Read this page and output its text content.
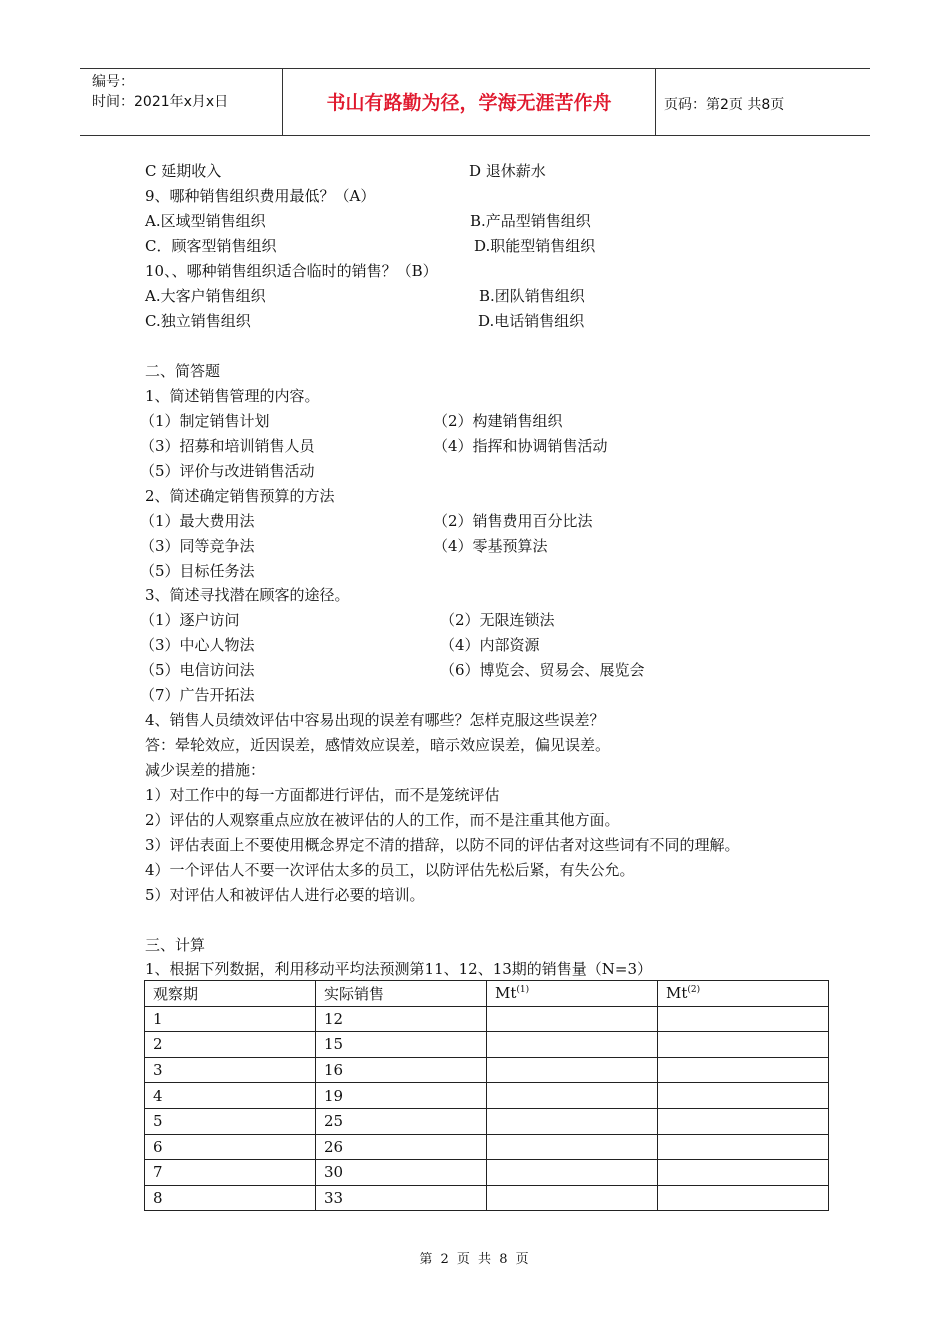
编号：
时间：2021年x月x日	书山有路勤为径，学海无涯苦作舟	页码：第2页 共8页
C 延期收入	D 退休薪水
9、哪种销售组织费用最低？（A）
A.区域型销售组织	B.产品型销售组织
C．顾客型销售组织	D.职能型销售组织
10、、哪种销售组织适合临时的销售？（B）
A.大客户销售组织	B.团队销售组织
C.独立销售组织	D.电话销售组织
二、简答题
1、简述销售管理的内容。
（1）制定销售计划	（2）构建销售组织
（3）招募和培训销售人员	（4）指挥和协调销售活动
（5）评价与改进销售活动
2、简述确定销售预算的方法
（1）最大费用法	（2）销售费用百分比法
（3）同等竞争法	（4）零基预算法
（5）目标任务法
3、简述寻找潜在顾客的途径。
（1）逐户访问	（2）无限连锁法
（3）中心人物法	（4）内部资源
（5）电信访问法	（6）博览会、贸易会、展览会
（7）广告开拓法
4、销售人员绩效评估中容易出现的误差有哪些？怎样克服这些误差？
答：晕轮效应，近因误差，感情效应误差，暗示效应误差，偏见误差。
减少误差的措施：
1）对工作中的每一方面都进行评估，而不是笼统评估
2）评估的人观察重点应放在被评估的人的工作，而不是注重其他方面。
3）评估表面上不要使用概念界定不清的措辞，以防不同的评估者对这些词有不同的理解。
4）一个评估人不要一次评估太多的员工，以防评估先松后紧，有失公允。
5）对评估人和被评估人进行必要的培训。
三、计算
1、根据下列数据，利用移动平均法预测第11、12、13期的销售量（N=3）
观察期	实际销售	Mt$^{(1)}$	Mt$^{(2)}$
1	12		
2	15		
3	16		
4	19		
5	25		
6	26		
7	30		
8	33		
第 2 页 共 8 页
